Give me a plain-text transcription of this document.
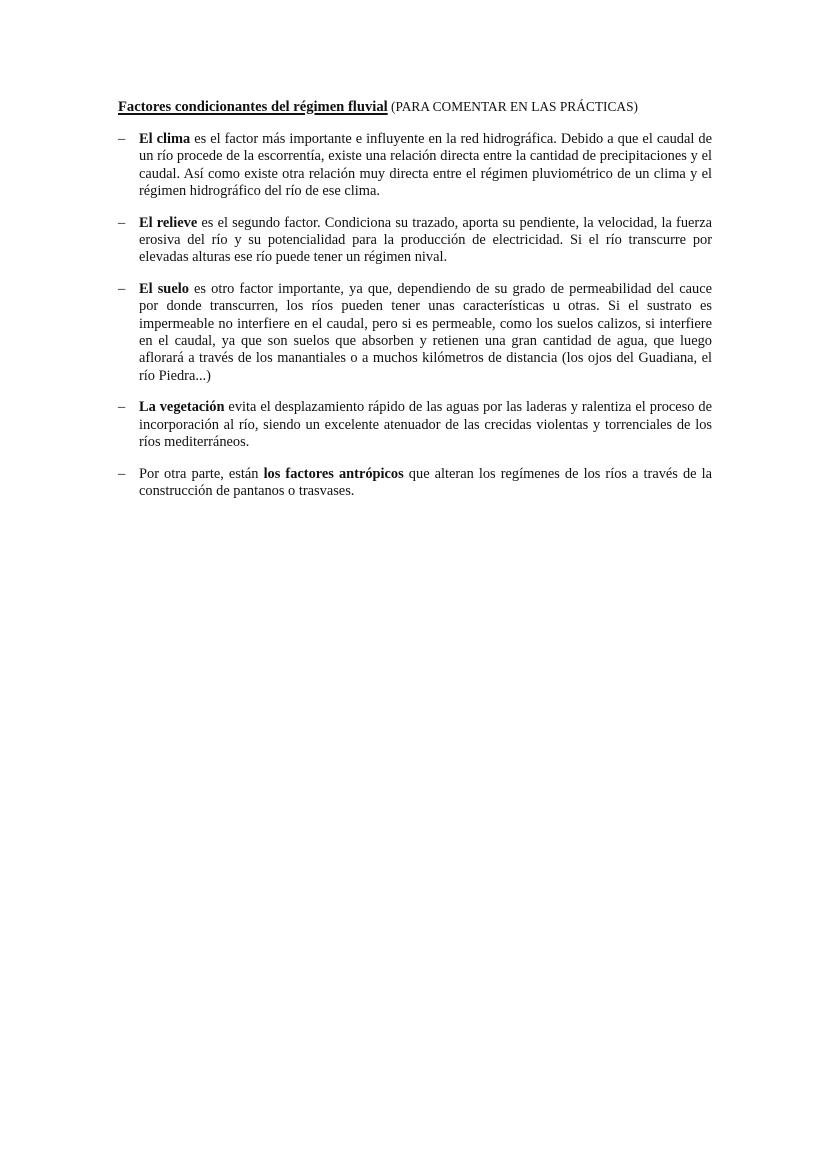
Factores condicionantes del régimen fluvial (PARA COMENTAR EN LAS PRÁCTICAS)
– El clima es el factor más importante e influyente en la red hidrográfica. Debido a que el caudal de un río procede de la escorrentía, existe una relación directa entre la cantidad de precipitaciones y el caudal. Así como existe otra relación muy directa entre el régimen pluviométrico de un clima y el régimen hidrográfico del río de ese clima.
– El relieve es el segundo factor. Condiciona su trazado, aporta su pendiente, la velocidad, la fuerza erosiva del río y su potencialidad para la producción de electricidad. Si el río transcurre por elevadas alturas ese río puede tener un régimen nival.
– El suelo es otro factor importante, ya que, dependiendo de su grado de permeabilidad del cauce por donde transcurren, los ríos pueden tener unas características u otras. Si el sustrato es impermeable no interfiere en el caudal, pero si es permeable, como los suelos calizos, si interfiere en el caudal, ya que son suelos que absorben y retienen una gran cantidad de agua, que luego aflorará a través de los manantiales o a muchos kilómetros de distancia (los ojos del Guadiana, el río Piedra...)
– La vegetación evita el desplazamiento rápido de las aguas por las laderas y ralentiza el proceso de incorporación al río, siendo un excelente atenuador de las crecidas violentas y torrenciales de los ríos mediterráneos.
– Por otra parte, están los factores antrópicos que alteran los regímenes de los ríos a través de la construcción de pantanos o trasvases.
